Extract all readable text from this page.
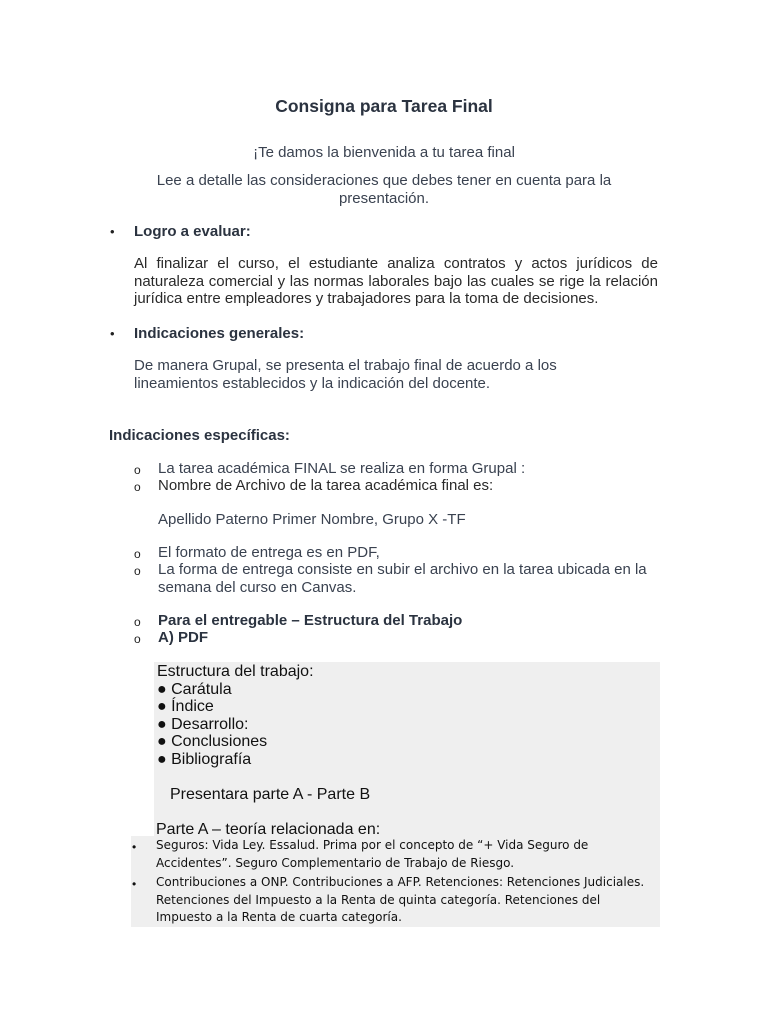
Consigna para Tarea Final
¡Te damos la bienvenida a tu tarea final
Lee a detalle las consideraciones que debes tener en cuenta para la presentación.
• Logro a evaluar:
Al finalizar el curso, el estudiante analiza contratos y actos jurídicos de naturaleza comercial y las normas laborales bajo las cuales se rige la relación jurídica entre empleadores y trabajadores para la toma de decisiones.
• Indicaciones generales:
De manera Grupal, se presenta el trabajo final de acuerdo a los lineamientos establecidos y la indicación del docente.
Indicaciones específicas:
o La tarea académica FINAL se realiza en forma Grupal :
o Nombre de Archivo de la tarea académica final es:
Apellido Paterno Primer Nombre, Grupo X -TF
o El formato de entrega es en PDF,
o La forma de entrega consiste en subir el archivo en la tarea ubicada en la semana del curso en Canvas.
o Para el entregable – Estructura del Trabajo
o A) PDF
Estructura del trabajo:
● Carátula
● Índice
● Desarrollo:
● Conclusiones
● Bibliografía
Presentara parte A - Parte B
Parte A – teoría relacionada en:
• Seguros: Vida Ley. Essalud. Prima por el concepto de “+ Vida Seguro de Accidentes”. Seguro Complementario de Trabajo de Riesgo.
• Contribuciones a ONP. Contribuciones a AFP. Retenciones: Retenciones Judiciales. Retenciones del Impuesto a la Renta de quinta categoría. Retenciones del Impuesto a la Renta de cuarta categoría.
